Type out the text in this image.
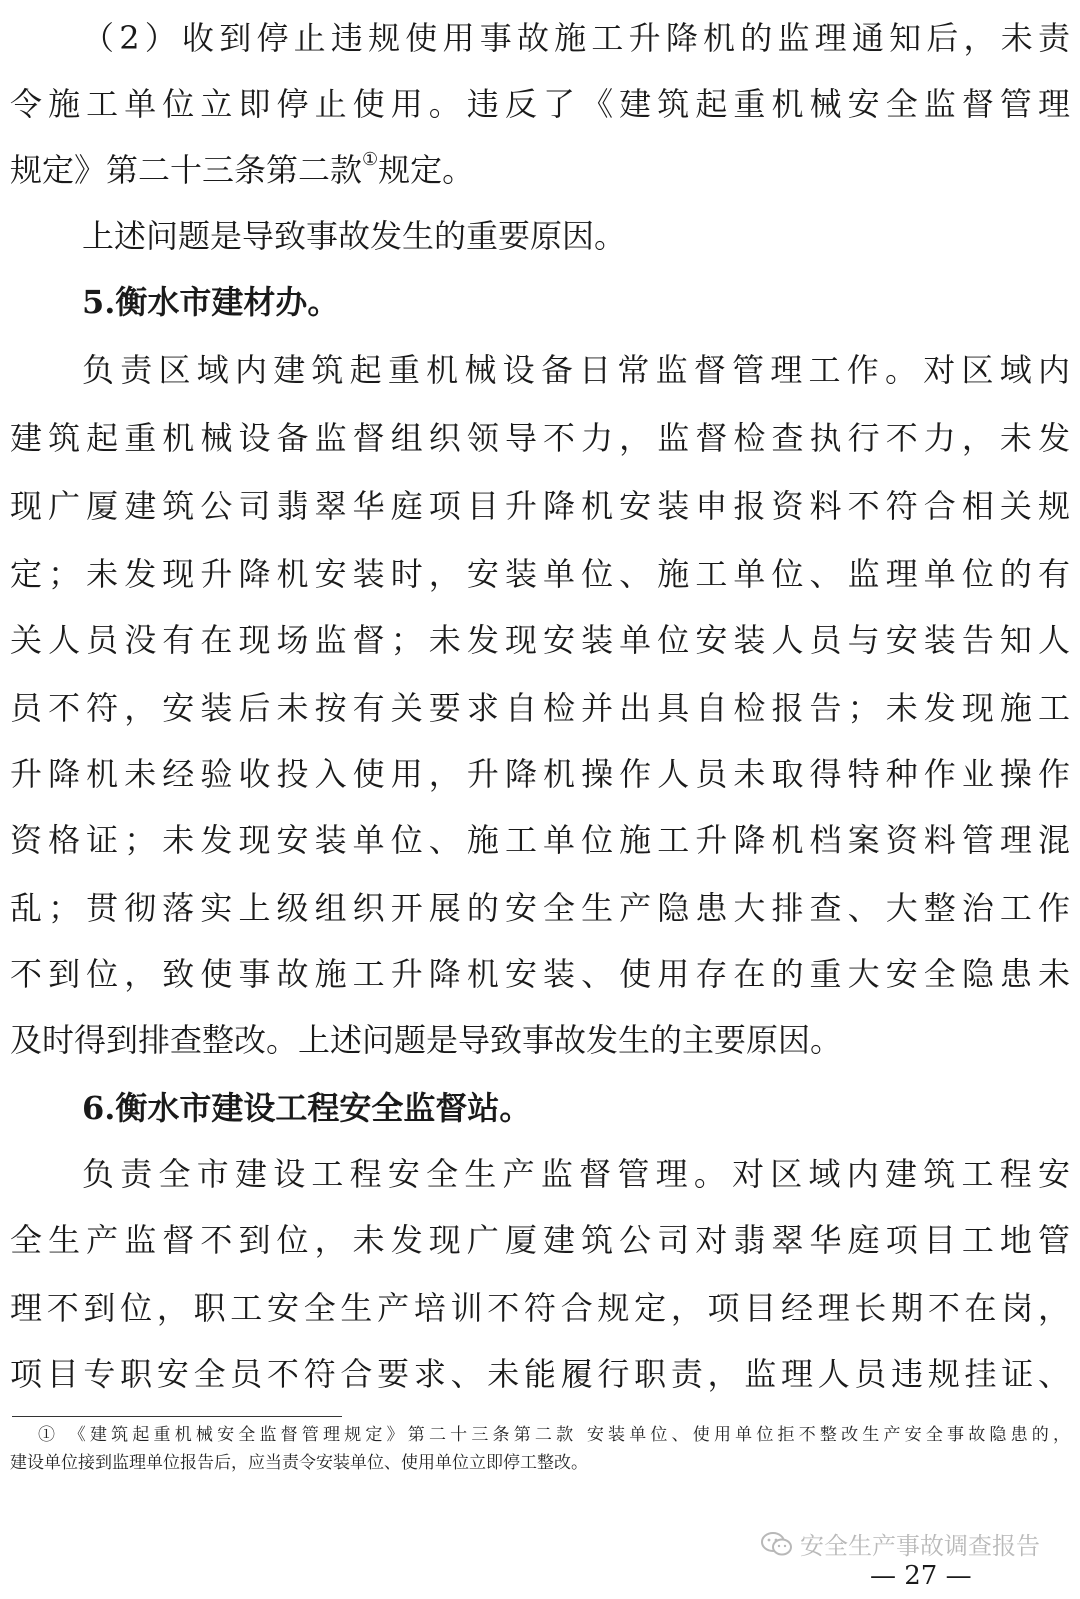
（2）收到停止违规使用事故施工升降机的监理通知后，未责
令施工单位立即停止使用。违反了《建筑起重机械安全监督管理
规定》第二十三条第二款①规定。
上述问题是导致事故发生的重要原因。
5.衡水市建材办。
负责区域内建筑起重机械设备日常监督管理工作。对区域内
建筑起重机械设备监督组织领导不力，监督检查执行不力，未发
现广厦建筑公司翡翠华庭项目升降机安装申报资料不符合相关规
定；未发现升降机安装时，安装单位、施工单位、监理单位的有
关人员没有在现场监督；未发现安装单位安装人员与安装告知人
员不符，安装后未按有关要求自检并出具自检报告；未发现施工
升降机未经验收投入使用，升降机操作人员未取得特种作业操作
资格证；未发现安装单位、施工单位施工升降机档案资料管理混
乱；贯彻落实上级组织开展的安全生产隐患大排查、大整治工作
不到位，致使事故施工升降机安装、使用存在的重大安全隐患未
及时得到排查整改。上述问题是导致事故发生的主要原因。
6.衡水市建设工程安全监督站。
负责全市建设工程安全生产监督管理。对区域内建筑工程安
全生产监督不到位，未发现广厦建筑公司对翡翠华庭项目工地管
理不到位，职工安全生产培训不符合规定，项目经理长期不在岗，
项目专职安全员不符合要求、未能履行职责，监理人员违规挂证、
① 《建筑起重机械安全监督管理规定》第二十三条第二款 安装单位、使用单位拒不整改生产安全事故隐患的，
建设单位接到监理单位报告后，应当责令安装单位、使用单位立即停工整改。
安全生产事故调查报告
— 27 —
